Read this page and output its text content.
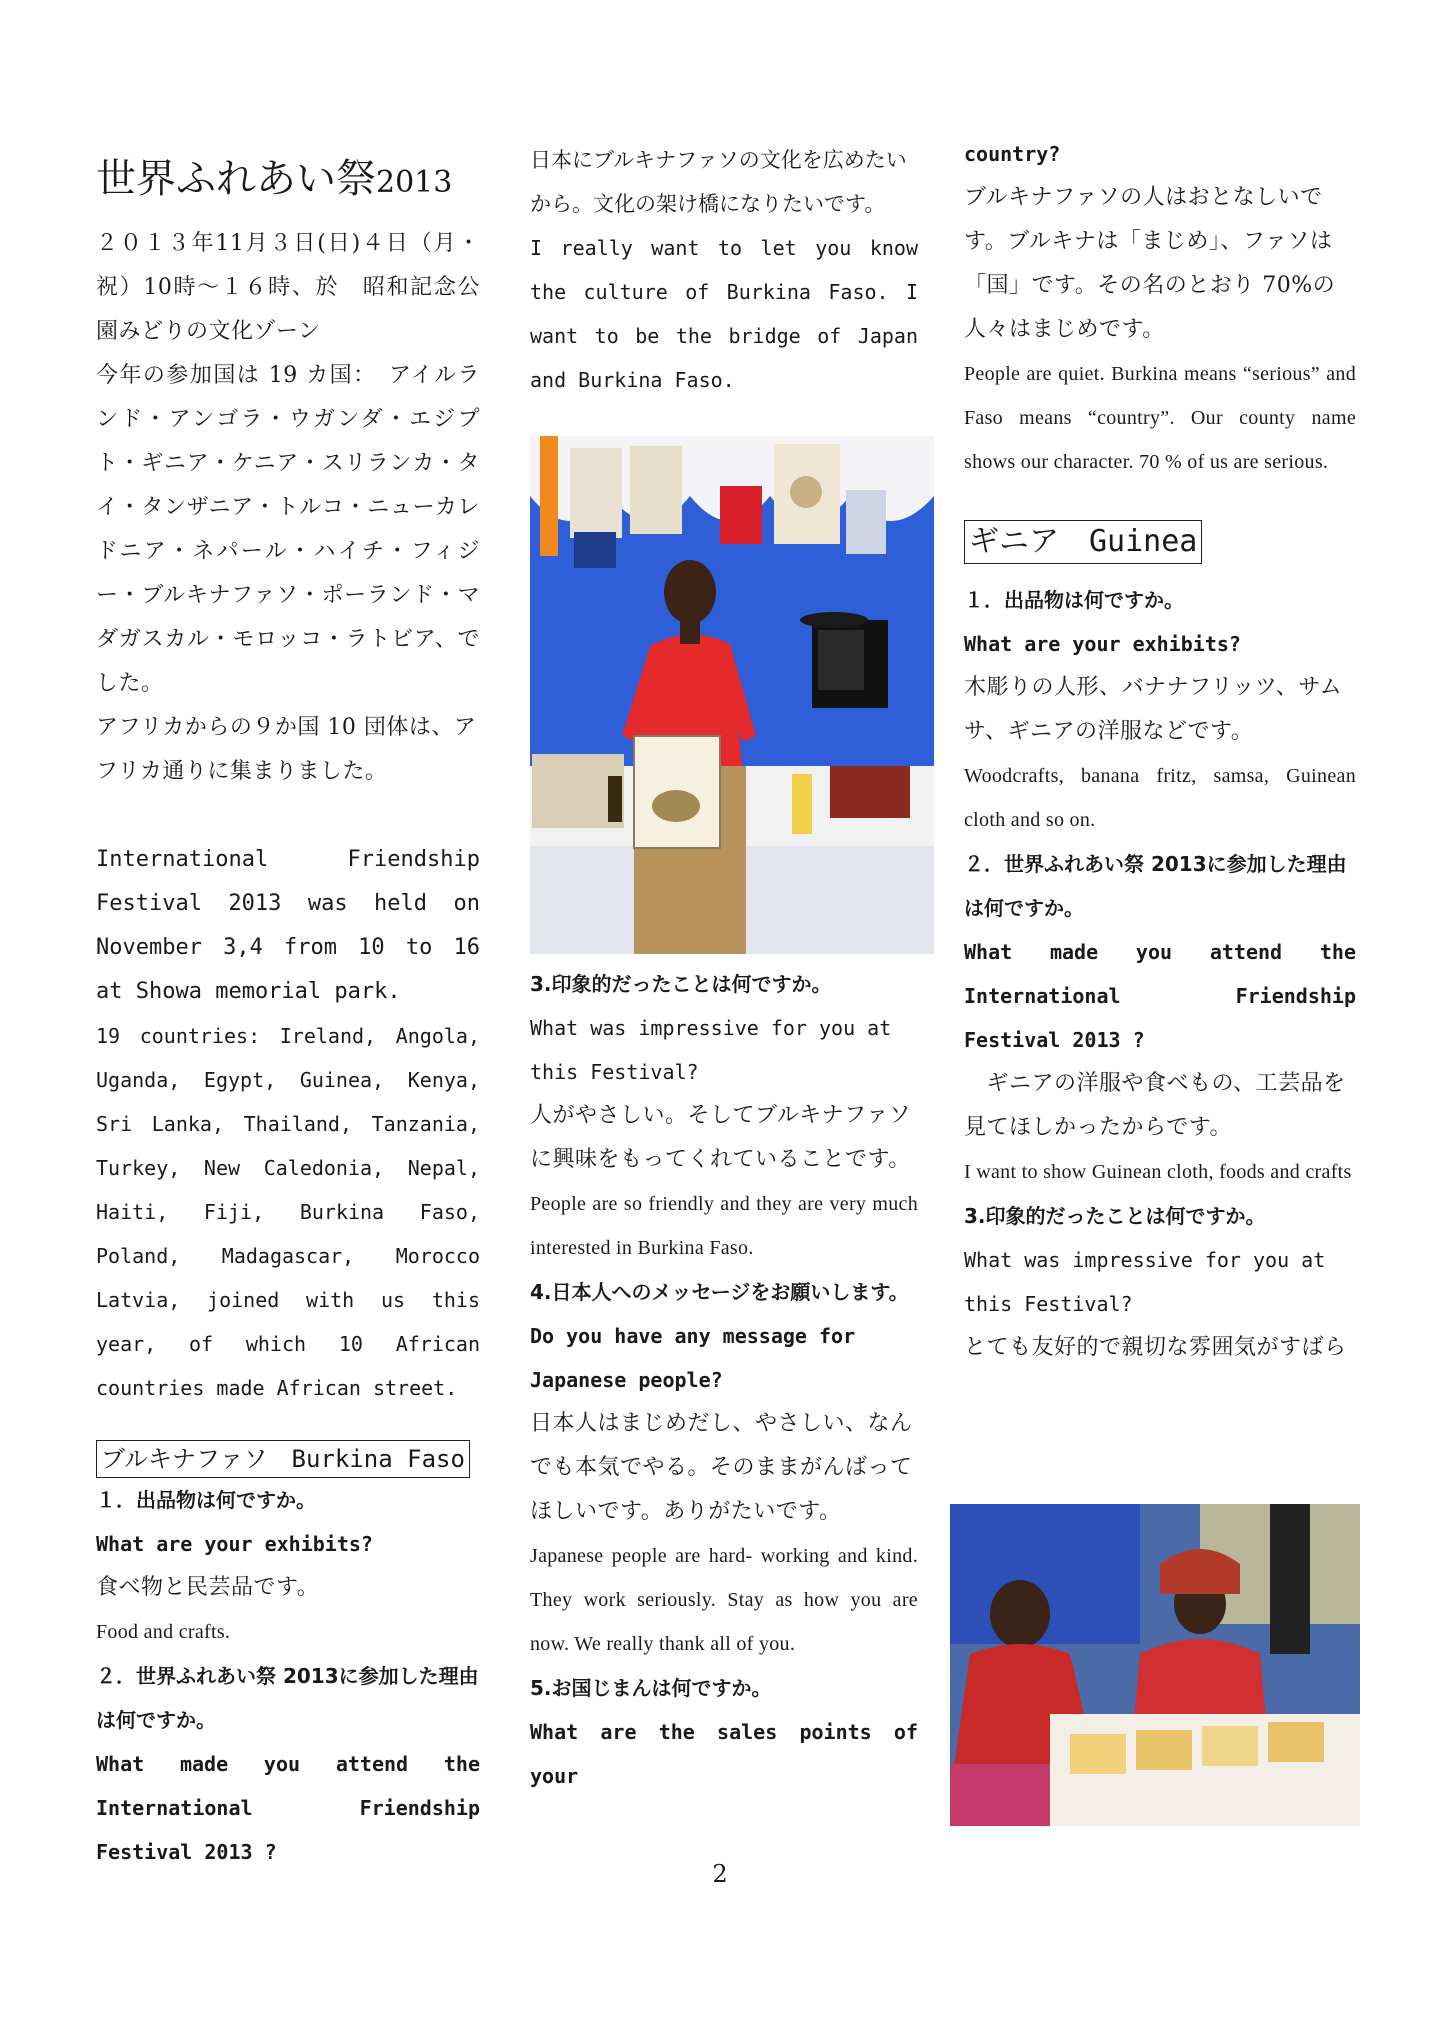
世界ふれあい祭2013

２０１３年11月３日(日)４日（月・祝）10時〜１６時、於　昭和記念公園みどりの文化ゾーン

今年の参加国は 19 カ国：　アイルランド・アンゴラ・ウガンダ・エジプト・ギニア・ケニア・スリランカ・タイ・タンザニア・トルコ・ニューカレドニア・ネパール・ハイチ・フィジー・ブルキナファソ・ポーランド・マダガスカル・モロッコ・ラトビア、でした。

アフリカからの９か国 10 団体は、アフリカ通りに集まりました。

International Friendship Festival 2013 was held on November 3,4 from 10 to 16 at Showa memorial park.

19 countries: Ireland, Angola, Uganda, Egypt, Guinea, Kenya, Sri Lanka, Thailand, Tanzania, Turkey, New Caledonia, Nepal, Haiti, Fiji, Burkina Faso, Poland, Madagascar, Morocco Latvia, joined with us this year, of which 10 African countries made African street.

ブルキナファソ　Burkina Faso

１．出品物は何ですか。

What are your exhibits?

食べ物と民芸品です。

Food and crafts.

２．世界ふれあい祭 2013に参加した理由は何ですか。

What made you attend the International Friendship Festival 2013 ?

日本にブルキナファソの文化を広めたいから。文化の架け橋になりたいです。

I really want to let you know the culture of Burkina Faso. I want to be the bridge of Japan and Burkina Faso.

3.印象的だったことは何ですか。

What was impressive for you at this Festival?

人がやさしい。そしてブルキナファソに興味をもってくれていることです。

People are so friendly and they are very much interested in Burkina Faso.

4.日本人へのメッセージをお願いします。

Do you have any message for Japanese people?

日本人はまじめだし、やさしい、なんでも本気でやる。そのままがんばってほしいです。ありがたいです。

Japanese people are hard- working and kind. They work seriously. Stay as how you are now. We really thank all of you.

5.お国じまんは何ですか。

What are the sales points of your

country?

ブルキナファソの人はおとなしいです。ブルキナは「まじめ」、ファソは「国」です。その名のとおり 70%の人々はまじめです。

People are quiet. Burkina means “serious” and Faso means “country”. Our county name shows our character. 70 % of us are serious.

ギニア　Guinea

１．出品物は何ですか。

What are your exhibits?

木彫りの人形、バナナフリッツ、サムサ、ギニアの洋服などです。

Woodcrafts, banana fritz, samsa, Guinean cloth and so on.

２．世界ふれあい祭 2013に参加した理由は何ですか。

What made you attend the International Friendship Festival 2013 ?

　ギニアの洋服や食べもの、工芸品を見てほしかったからです。

I want to show Guinean cloth, foods and crafts

3.印象的だったことは何ですか。

What was impressive for you at this Festival?

とても友好的で親切な雰囲気がすばら

2
